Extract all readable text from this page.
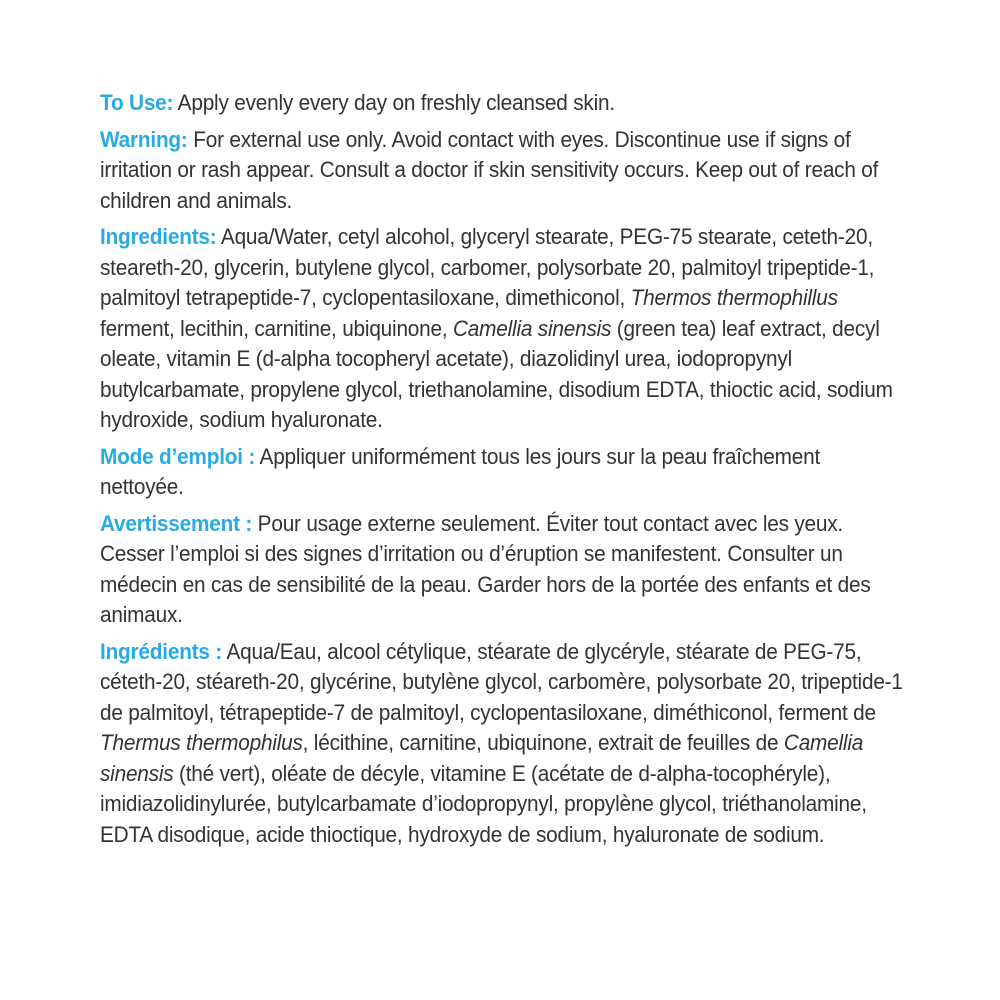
To Use: Apply evenly every day on freshly cleansed skin.

Warning: For external use only. Avoid contact with eyes. Discontinue use if signs of irritation or rash appear. Consult a doctor if skin sensitivity occurs. Keep out of reach of children and animals.

Ingredients: Aqua/Water, cetyl alcohol, glyceryl stearate, PEG-75 stearate, ceteth-20, steareth-20, glycerin, butylene glycol, carbomer, polysorbate 20, palmitoyl tripeptide-1, palmitoyl tetrapeptide-7, cyclopentasiloxane, dimethiconol, Thermos thermophillus ferment, lecithin, carnitine, ubiquinone, Camellia sinensis (green tea) leaf extract, decyl oleate, vitamin E (d-alpha tocopheryl acetate), diazolidinyl urea, iodopropynyl butylcarbamate, propylene glycol, triethanolamine, disodium EDTA, thioctic acid, sodium hydroxide, sodium hyaluronate.

Mode d’emploi : Appliquer uniformément tous les jours sur la peau fraîchement nettoyée.

Avertissement : Pour usage externe seulement. Éviter tout contact avec les yeux. Cesser l’emploi si des signes d’irritation ou d’éruption se manifestent. Consulter un médecin en cas de sensibilité de la peau. Garder hors de la portée des enfants et des animaux.

Ingrédients : Aqua/Eau, alcool cétylique, stéarate de glycéryle, stéarate de PEG-75, céteth-20, stéareth-20, glycérine, butylène glycol, carbomère, polysorbate 20, tripeptide-1 de palmitoyl, tétrapeptide-7 de palmitoyl, cyclopentasiloxane, diméthiconol, ferment de Thermus thermophilus, lécithine, carnitine, ubiquinone, extrait de feuilles de Camellia sinensis (thé vert), oléate de décyle, vitamine E (acétate de d-alpha-tocophéryle), imidiazolidinylurée, butylcarbamate d’iodopropynyl, propylène glycol, triéthanolamine, EDTA disodique, acide thioctique, hydroxyde de sodium, hyaluronate de sodium.
